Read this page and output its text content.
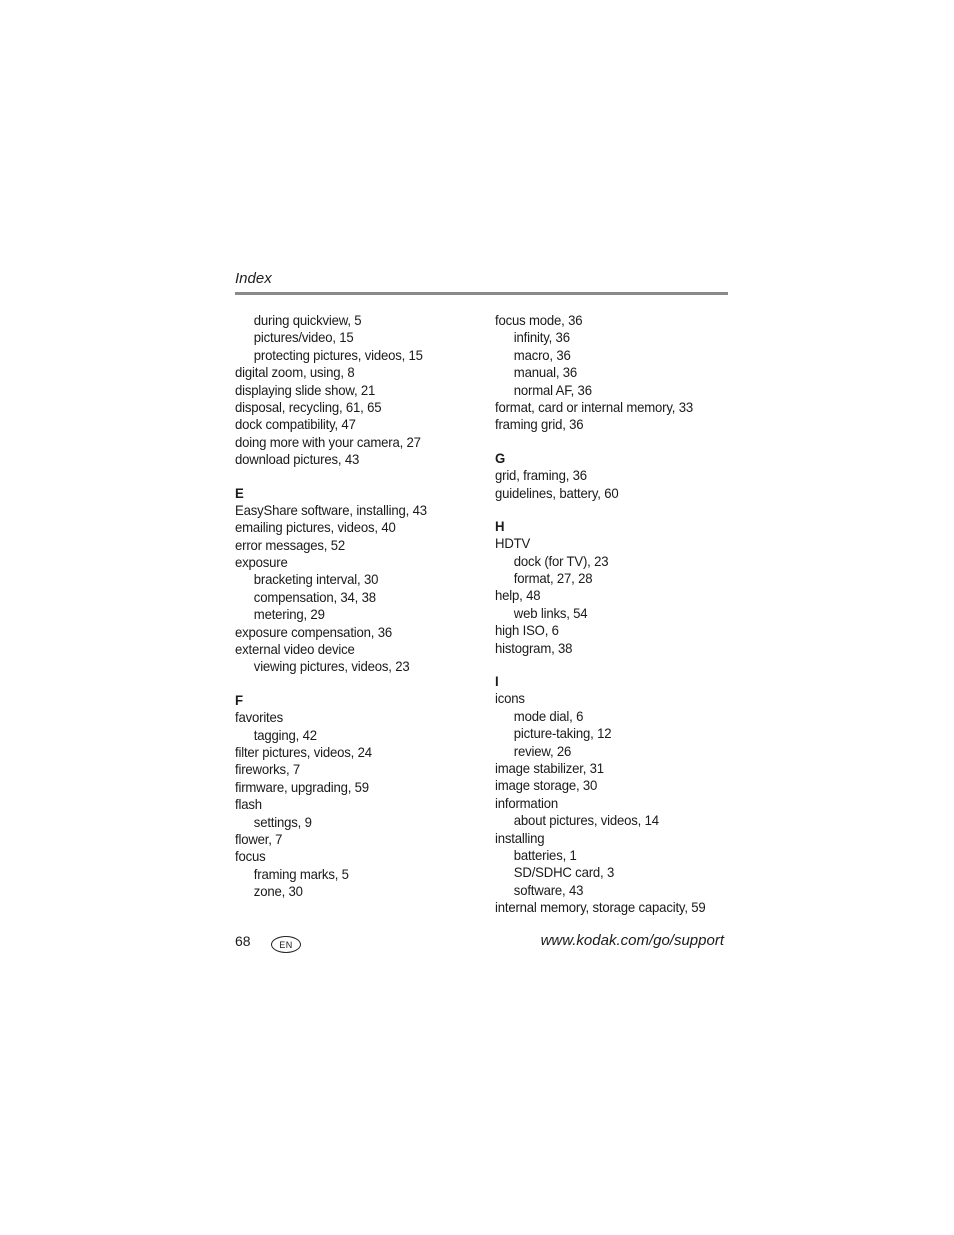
Index
during quickview, 5
pictures/video, 15
protecting pictures, videos, 15
digital zoom, using, 8
displaying slide show, 21
disposal, recycling, 61, 65
dock compatibility, 47
doing more with your camera, 27
download pictures, 43
E
EasyShare software, installing, 43
emailing pictures, videos, 40
error messages, 52
exposure
bracketing interval, 30
compensation, 34, 38
metering, 29
exposure compensation, 36
external video device
viewing pictures, videos, 23
F
favorites
tagging, 42
filter pictures, videos, 24
fireworks, 7
firmware, upgrading, 59
flash
settings, 9
flower, 7
focus
framing marks, 5
zone, 30
focus mode, 36
infinity, 36
macro, 36
manual, 36
normal AF, 36
format, card or internal memory, 33
framing grid, 36
G
grid, framing, 36
guidelines, battery, 60
H
HDTV
dock (for TV), 23
format, 27, 28
help, 48
web links, 54
high ISO, 6
histogram, 38
I
icons
mode dial, 6
picture-taking, 12
review, 26
image stabilizer, 31
image storage, 30
information
about pictures, videos, 14
installing
batteries, 1
SD/SDHC card, 3
software, 43
internal memory, storage capacity, 59
68	EN	www.kodak.com/go/support
